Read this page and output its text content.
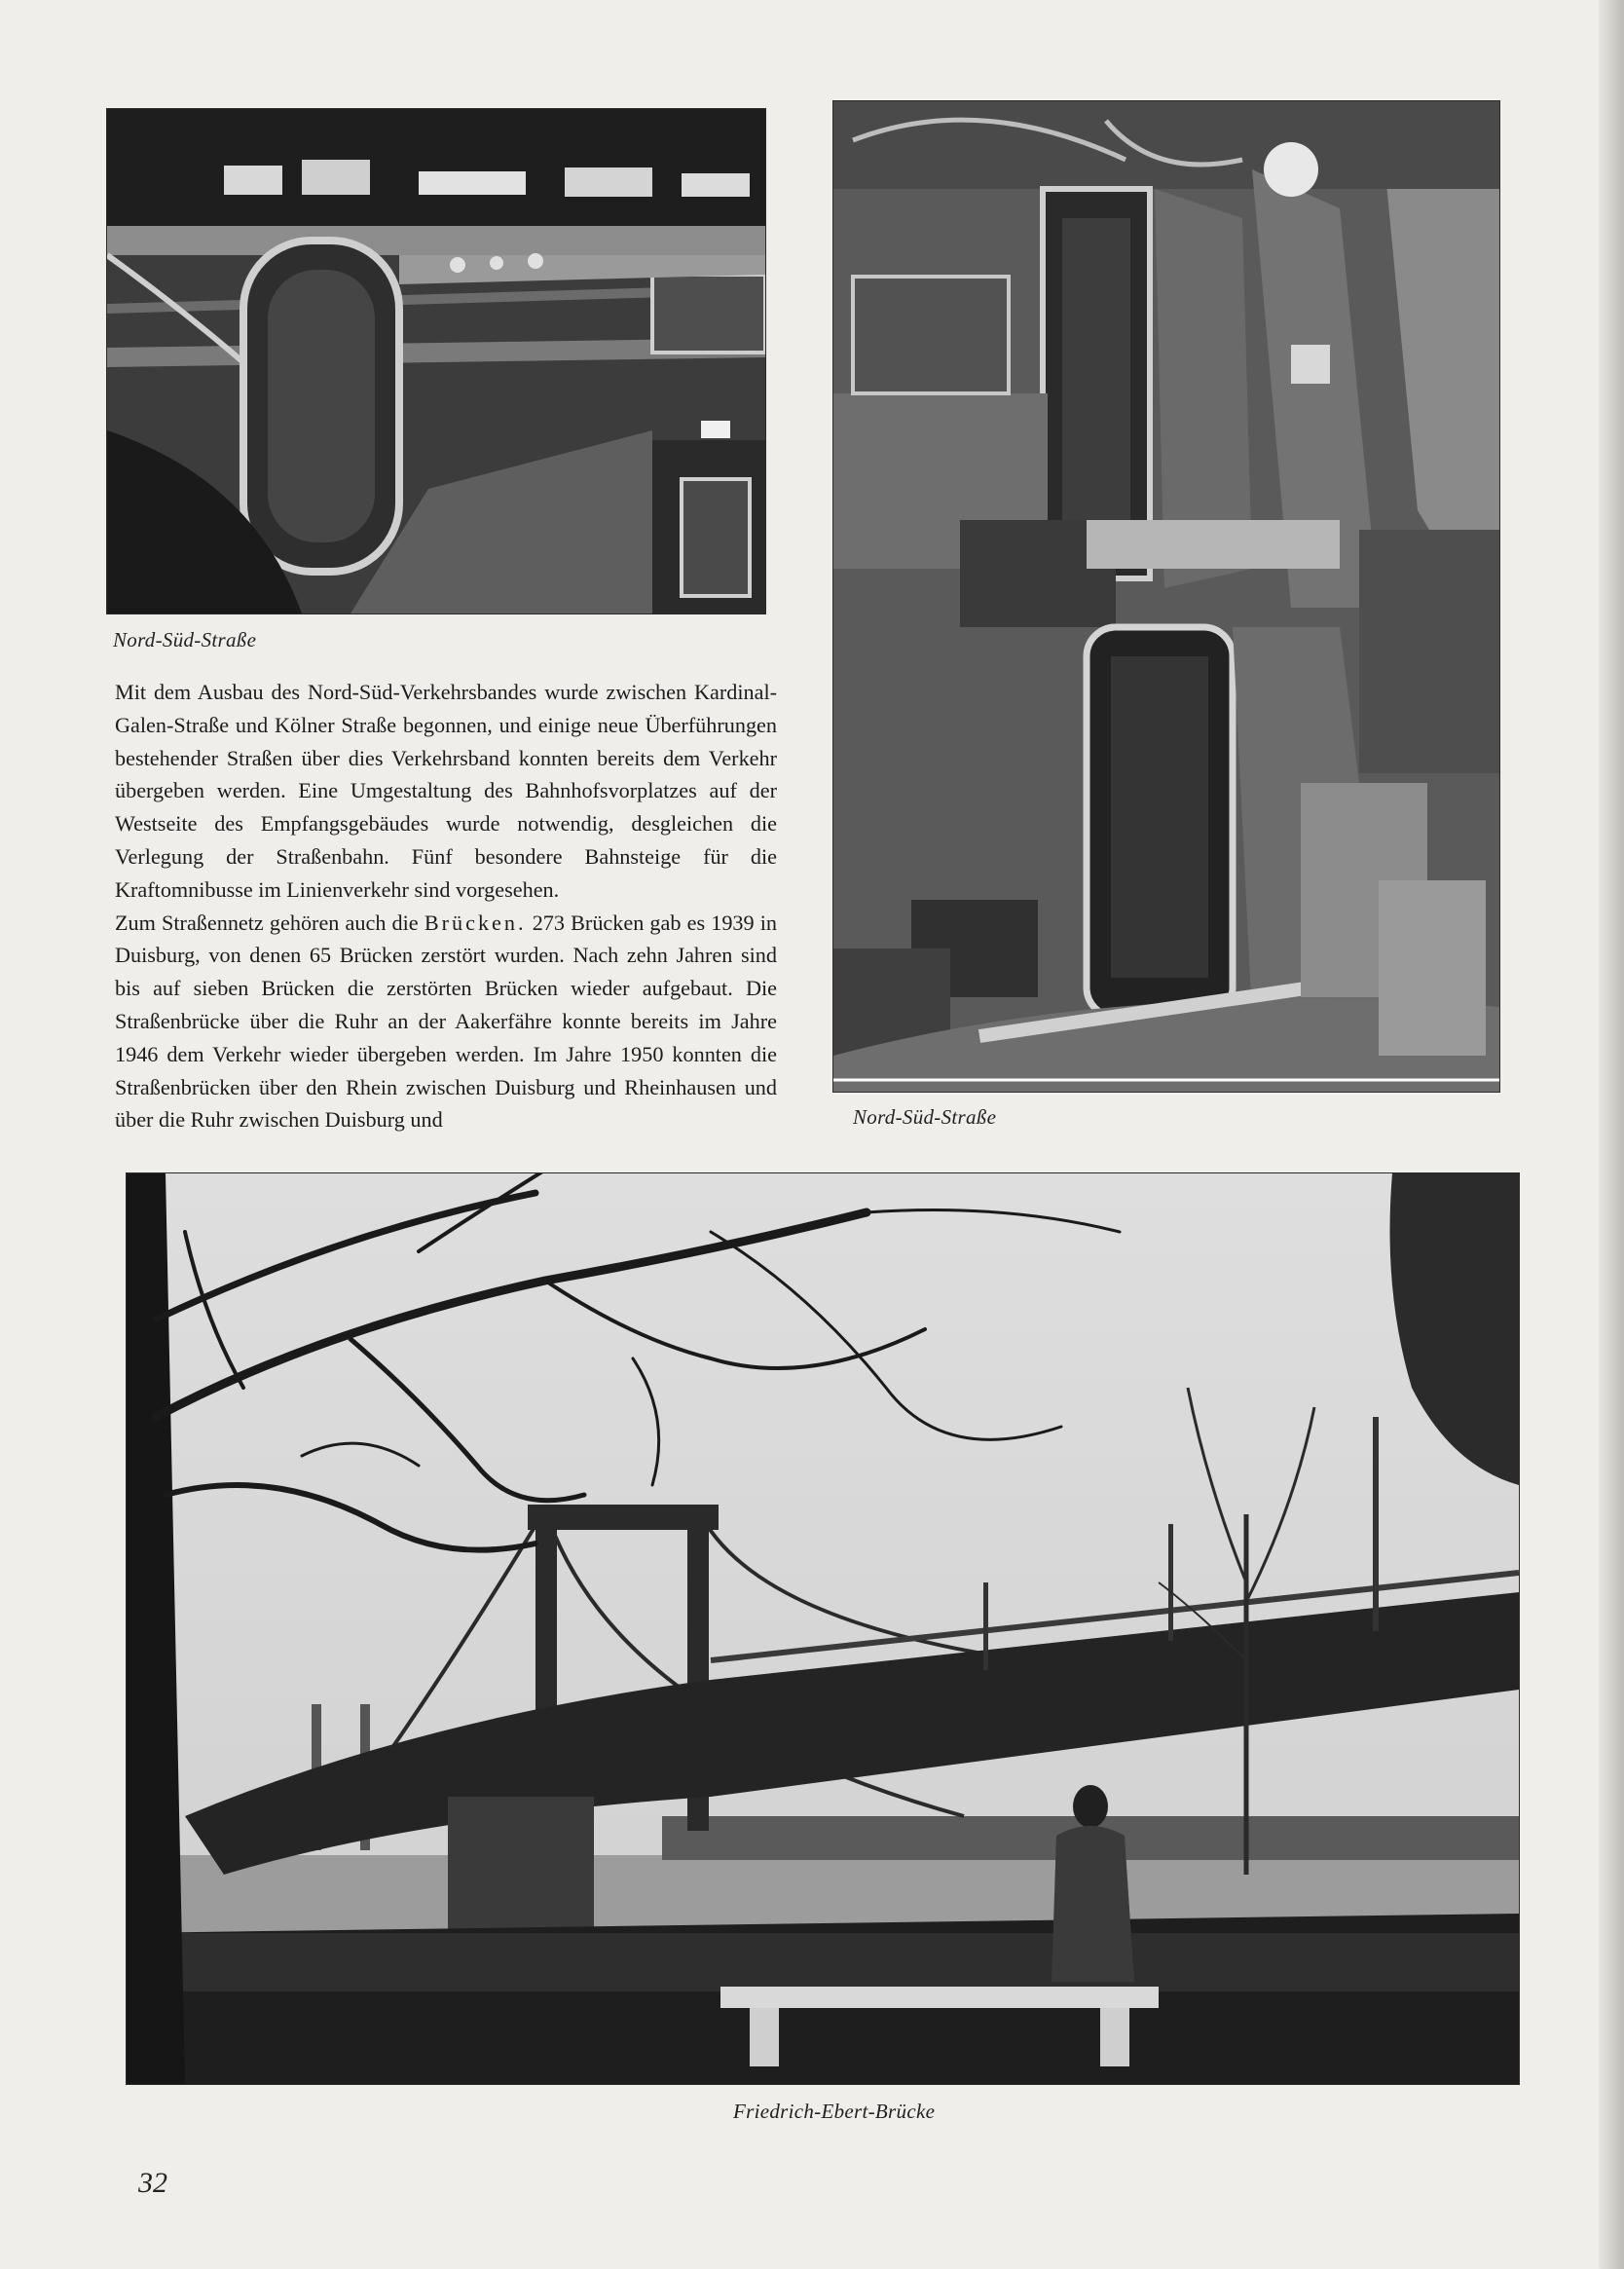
Nord-Süd-Straße

Nord-Süd-Straße

Mit dem Ausbau des Nord-Süd-Verkehrsbandes wurde zwischen Kardinal-Galen-Straße und Kölner Straße begonnen, und einige neue Überführungen bestehender Straßen über dies Verkehrsband konnten bereits dem Verkehr übergeben werden. Eine Umgestaltung des Bahnhofsvorplatzes auf der Westseite des Empfangsgebäudes wurde notwendig, desgleichen die Verlegung der Straßenbahn. Fünf besondere Bahnsteige für die Kraftomnibusse im Linienverkehr sind vorgesehen.

Zum Straßennetz gehören auch die Brücken. 273 Brücken gab es 1939 in Duisburg, von denen 65 Brücken zerstört wurden. Nach zehn Jahren sind bis auf sieben Brücken die zerstörten Brücken wieder aufgebaut. Die Straßenbrücke über die Ruhr an der Aakerfähre konnte bereits im Jahre 1946 dem Verkehr wieder übergeben werden. Im Jahre 1950 konnten die Straßenbrücken über den Rhein zwischen Duisburg und Rheinhausen und über die Ruhr zwischen Duisburg und

Friedrich-Ebert-Brücke

32
